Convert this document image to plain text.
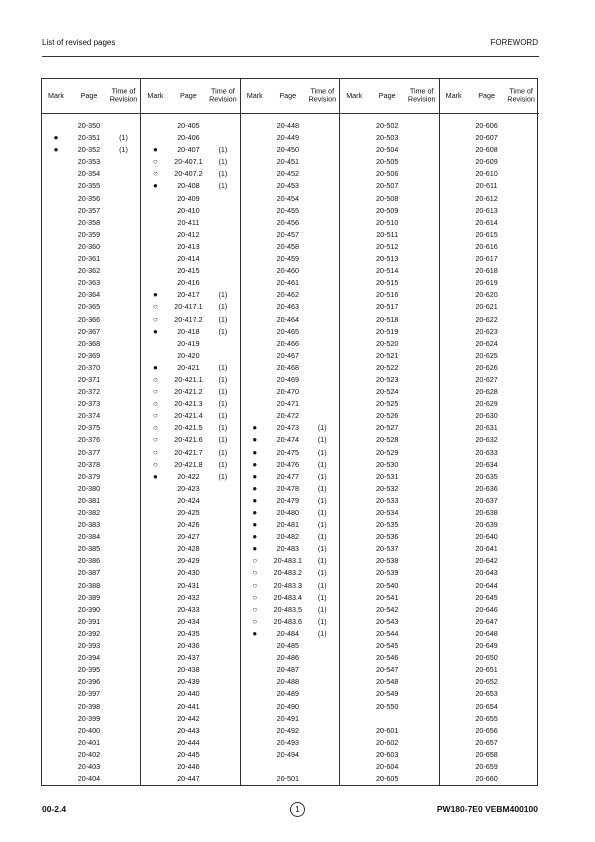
List of revised pages	FOREWORD
Mark	Page	Time of Revision
20-350
●	20-351	(1)
●	20-352	(1)
20-353
20-354
20-355
20-356
20-357
20-358
20-359
20-360
20-361
20-362
20-363
20-364
20-365
20-366
20-367
20-368
20-369
20-370
20-371
20-372
20-373
20-374
20-375
20-376
20-377
20-378
20-379
20-380
20-381
20-382
20-383
20-384
20-385
20-386
20-387
20-388
20-389
20-390
20-391
20-392
20-393
20-394
20-395
20-396
20-397
20-398
20-399
20-400
20-401
20-402
20-403
20-404
Mark	Page	Time of Revision
20-405
20-406
●	20-407	(1)
○	20-407.1	(1)
○	20-407.2	(1)
●	20-408	(1)
20-409
20-410
20-411
20-412
20-413
20-414
20-415
20-416
●	20-417	(1)
○	20-417.1	(1)
○	20-417.2	(1)
●	20-418	(1)
20-419
20-420
●	20-421	(1)
○	20-421.1	(1)
○	20-421.2	(1)
○	20-421.3	(1)
○	20-421.4	(1)
○	20-421.5	(1)
○	20-421.6	(1)
○	20-421.7	(1)
○	20-421.8	(1)
●	20-422	(1)
20-423
20-424
20-425
20-426
20-427
20-428
20-429
20-430
20-431
20-432
20-433
20-434
20-435
20-436
20-437
20-438
20-439
20-440
20-441
20-442
20-443
20-444
20-445
20-446
20-447
Mark	Page	Time of Revision
20-448
20-449
20-450
20-451
20-452
20-453
20-454
20-455
20-456
20-457
20-458
20-459
20-460
20-461
20-462
20-463
20-464
20-465
20-466
20-467
20-468
20-469
20-470
20-471
20-472
●	20-473	(1)
●	20-474	(1)
●	20-475	(1)
●	20-476	(1)
●	20-477	(1)
●	20-478	(1)
●	20-479	(1)
●	20-480	(1)
●	20-481	(1)
●	20-482	(1)
●	20-483	(1)
○	20-483.1	(1)
○	20-483.2	(1)
○	20-483.3	(1)
○	20-483.4	(1)
○	20-483.5	(1)
○	20-483.6	(1)
●	20-484	(1)
20-485
20-486
20-487
20-488
20-489
20-490
20-491
20-492
20-493
20-494
20-501
Mark	Page	Time of Revision
20-502
20-503
20-504
20-505
20-506
20-507
20-508
20-509
20-510
20-511
20-512
20-513
20-514
20-515
20-516
20-517
20-518
20-519
20-520
20-521
20-522
20-523
20-524
20-525
20-526
20-527
20-528
20-529
20-530
20-531
20-532
20-533
20-534
20-535
20-536
20-537
20-538
20-539
20-540
20-541
20-542
20-543
20-544
20-545
20-546
20-547
20-548
20-549
20-550
20-601
20-602
20-603
20-604
20-605
Mark	Page	Time of Revision
20-606
20-607
20-608
20-609
20-610
20-611
20-612
20-613
20-614
20-615
20-616
20-617
20-618
20-619
20-620
20-621
20-622
20-623
20-624
20-625
20-626
20-627
20-628
20-629
20-630
20-631
20-632
20-633
20-634
20-635
20-636
20-637
20-638
20-639
20-640
20-641
20-642
20-643
20-644
20-645
20-646
20-647
20-648
20-649
20-650
20-651
20-652
20-653
20-654
20-655
20-656
20-657
20-658
20-659
20-660
00-2.4	1	PW180-7E0 VEBM400100
